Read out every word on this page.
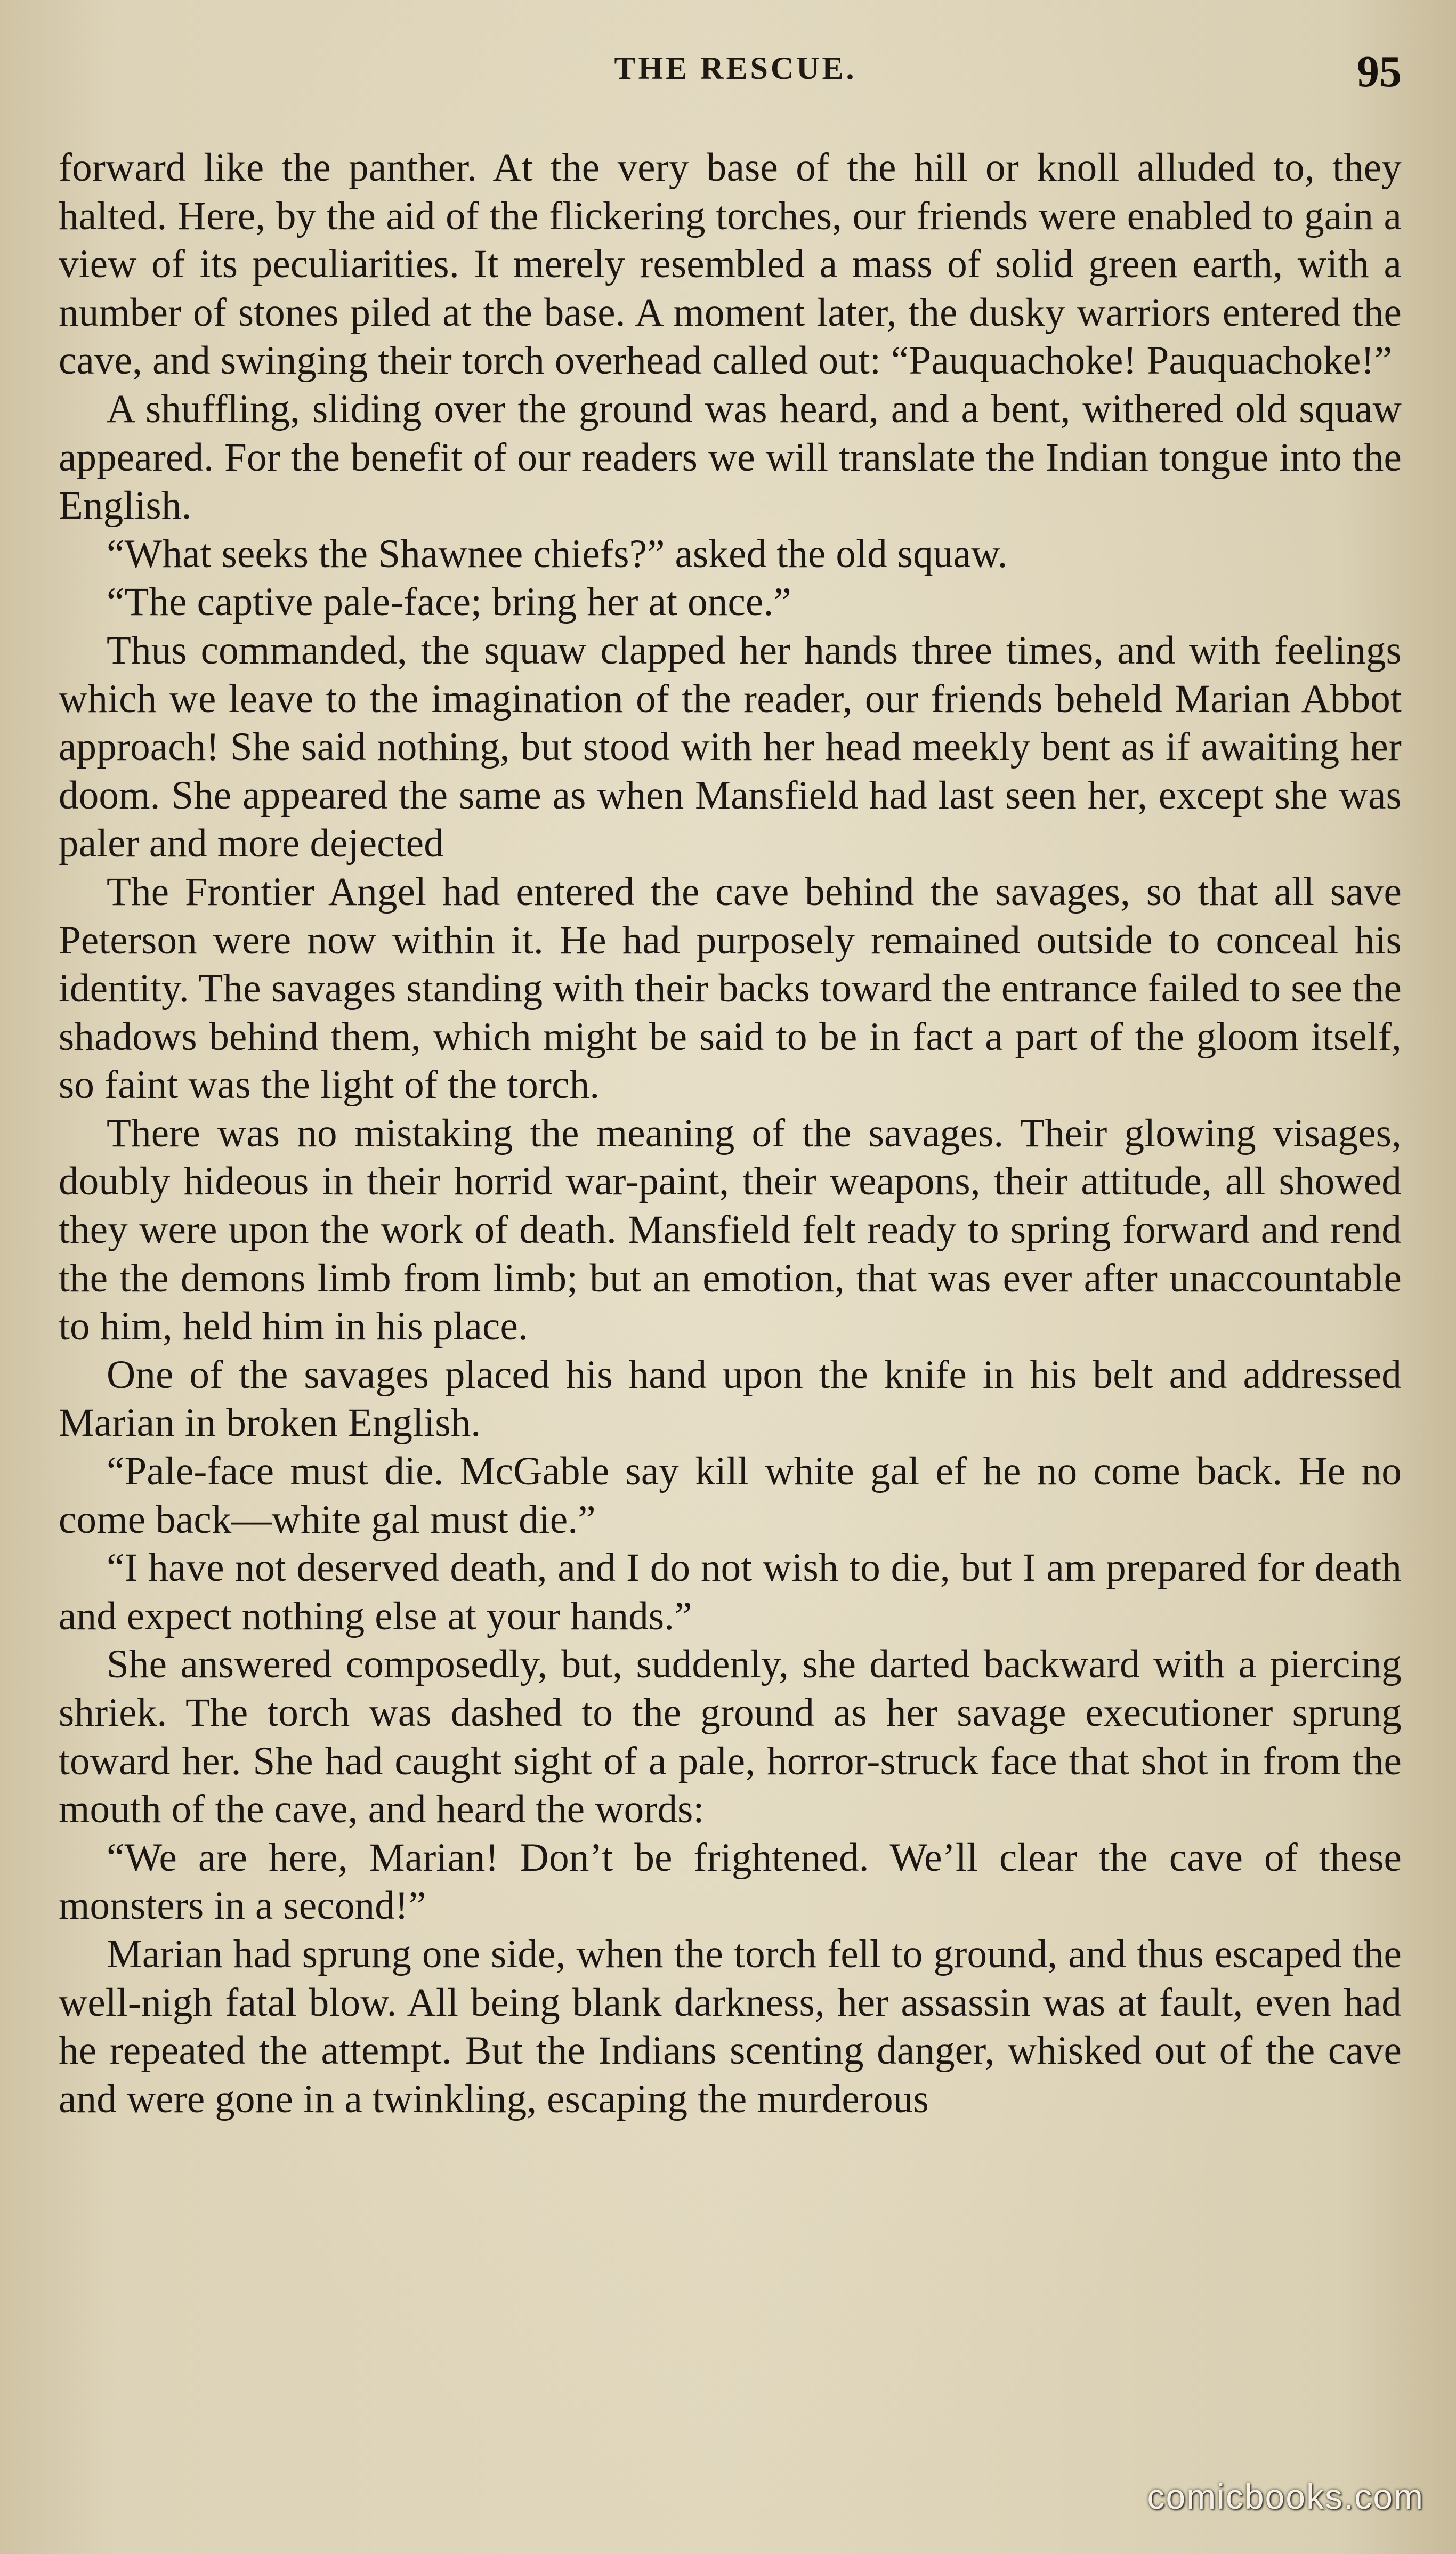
THE RESCUE.	95

forward like the panther. At the very base of the hill or knoll alluded to, they halted. Here, by the aid of the flickering torches, our friends were enabled to gain a view of its peculiarities. It merely resembled a mass of solid green earth, with a number of stones piled at the base. A moment later, the dusky warriors entered the cave, and swinging their torch overhead called out: “Pauquachoke! Pauquachoke!”

A shuffling, sliding over the ground was heard, and a bent, withered old squaw appeared. For the benefit of our readers we will translate the Indian tongue into the English.

“What seeks the Shawnee chiefs?” asked the old squaw.

“The captive pale-face; bring her at once.”

Thus commanded, the squaw clapped her hands three times, and with feelings which we leave to the imagination of the reader, our friends beheld Marian Abbot approach! She said nothing, but stood with her head meekly bent as if awaiting her doom. She appeared the same as when Mansfield had last seen her, except she was paler and more dejected

The Frontier Angel had entered the cave behind the savages, so that all save Peterson were now within it. He had purposely remained outside to conceal his identity. The savages standing with their backs toward the entrance failed to see the shadows behind them, which might be said to be in fact a part of the gloom itself, so faint was the light of the torch.

There was no mistaking the meaning of the savages. Their glowing visages, doubly hideous in their horrid war-paint, their weapons, their attitude, all showed they were upon the work of death. Mansfield felt ready to spring forward and rend the the demons limb from limb; but an emotion, that was ever after unaccountable to him, held him in his place.

One of the savages placed his hand upon the knife in his belt and addressed Marian in broken English.

“Pale-face must die. McGable say kill white gal ef he no come back. He no come back—white gal must die.”

“I have not deserved death, and I do not wish to die, but I am prepared for death and expect nothing else at your hands.”

She answered composedly, but, suddenly, she darted backward with a piercing shriek. The torch was dashed to the ground as her savage executioner sprung toward her. She had caught sight of a pale, horror-struck face that shot in from the mouth of the cave, and heard the words:

“We are here, Marian! Don’t be frightened. We’ll clear the cave of these monsters in a second!”

Marian had sprung one side, when the torch fell to ground, and thus escaped the well-nigh fatal blow. All being blank darkness, her assassin was at fault, even had he repeated the attempt. But the Indians scenting danger, whisked out of the cave and were gone in a twinkling, escaping the murderous

comicbooks.com
